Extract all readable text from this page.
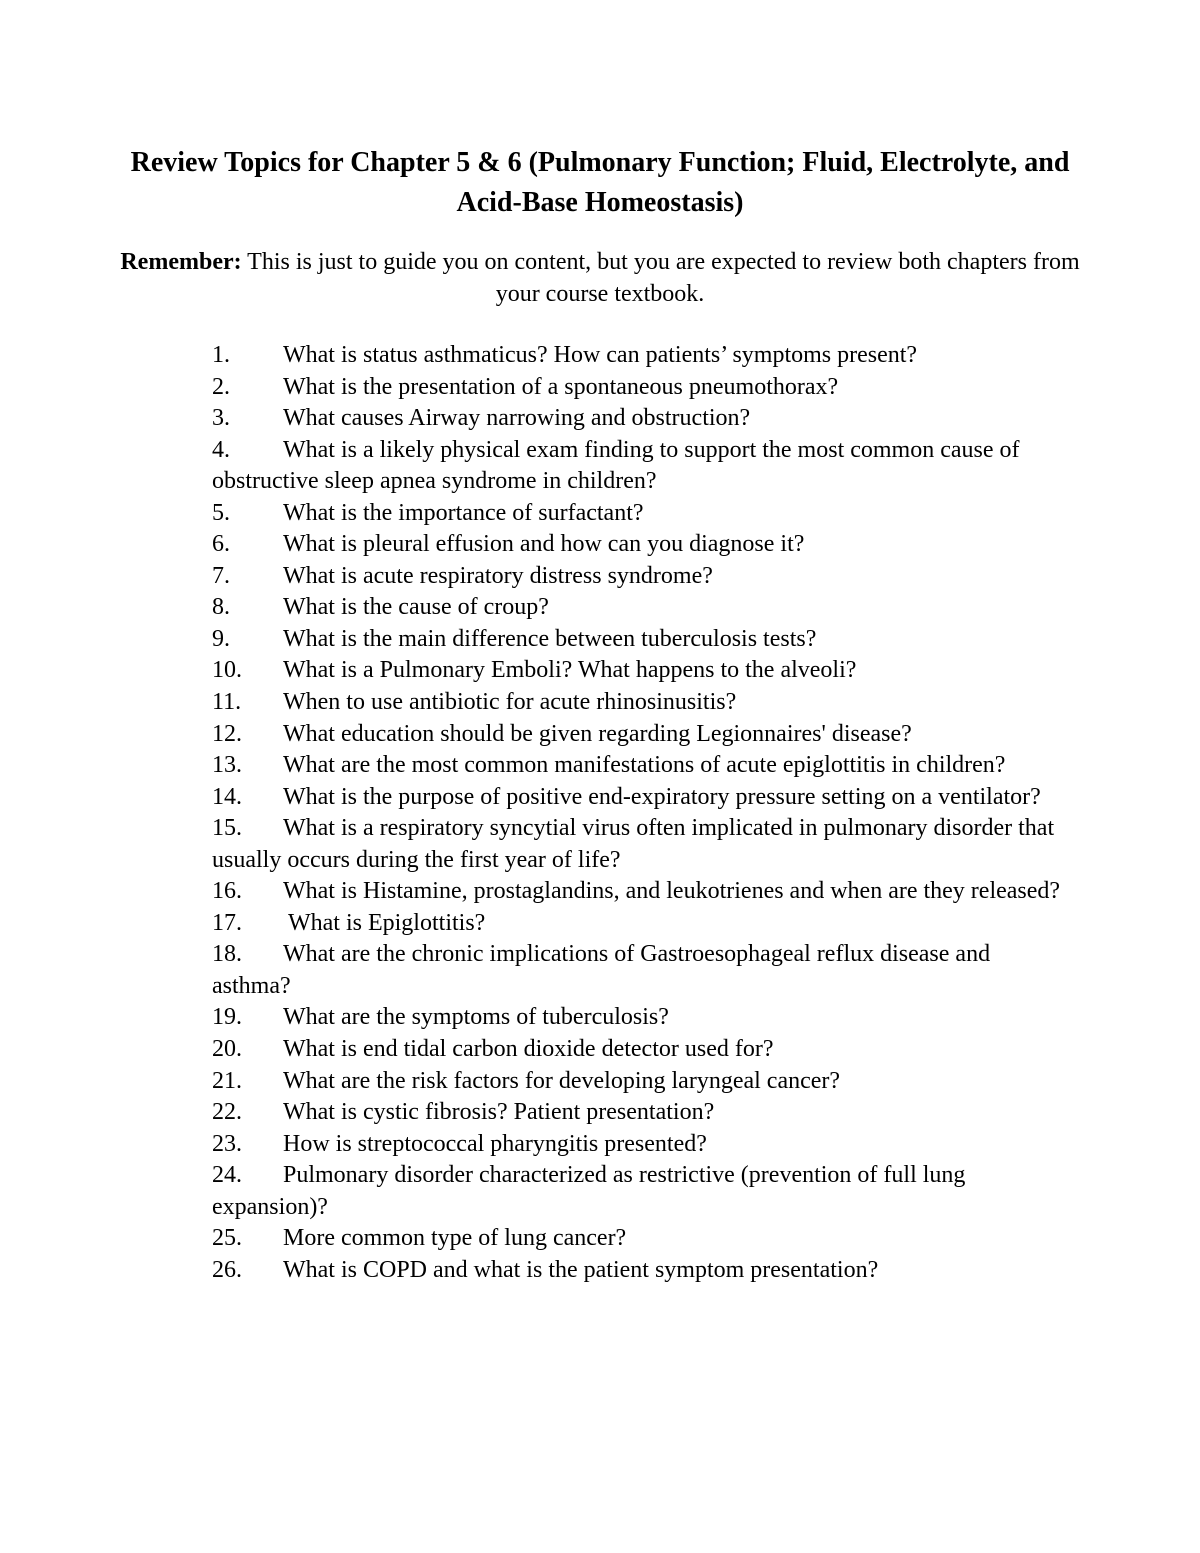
Review Topics for Chapter 5 & 6 (Pulmonary Function; Fluid, Electrolyte, and Acid-Base Homeostasis)

Remember: This is just to guide you on content, but you are expected to review both chapters from your course textbook.

1. What is status asthmaticus? How can patients’ symptoms present?
2. What is the presentation of a spontaneous pneumothorax?
3. What causes Airway narrowing and obstruction?
4. What is a likely physical exam finding to support the most common cause of obstructive sleep apnea syndrome in children?
5. What is the importance of surfactant?
6. What is pleural effusion and how can you diagnose it?
7. What is acute respiratory distress syndrome?
8. What is the cause of croup?
9. What is the main difference between tuberculosis tests?
10. What is a Pulmonary Emboli? What happens to the alveoli?
11. When to use antibiotic for acute rhinosinusitis?
12. What education should be given regarding Legionnaires' disease?
13. What are the most common manifestations of acute epiglottitis in children?
14. What is the purpose of positive end-expiratory pressure setting on a ventilator?
15. What is a respiratory syncytial virus often implicated in pulmonary disorder that usually occurs during the first year of life?
16. What is Histamine, prostaglandins, and leukotrienes and when are they released?
17. What is Epiglottitis?
18. What are the chronic implications of Gastroesophageal reflux disease and asthma?
19. What are the symptoms of tuberculosis?
20. What is end tidal carbon dioxide detector used for?
21. What are the risk factors for developing laryngeal cancer?
22. What is cystic fibrosis? Patient presentation?
23. How is streptococcal pharyngitis presented?
24. Pulmonary disorder characterized as restrictive (prevention of full lung expansion)?
25. More common type of lung cancer?
26. What is COPD and what is the patient symptom presentation?
